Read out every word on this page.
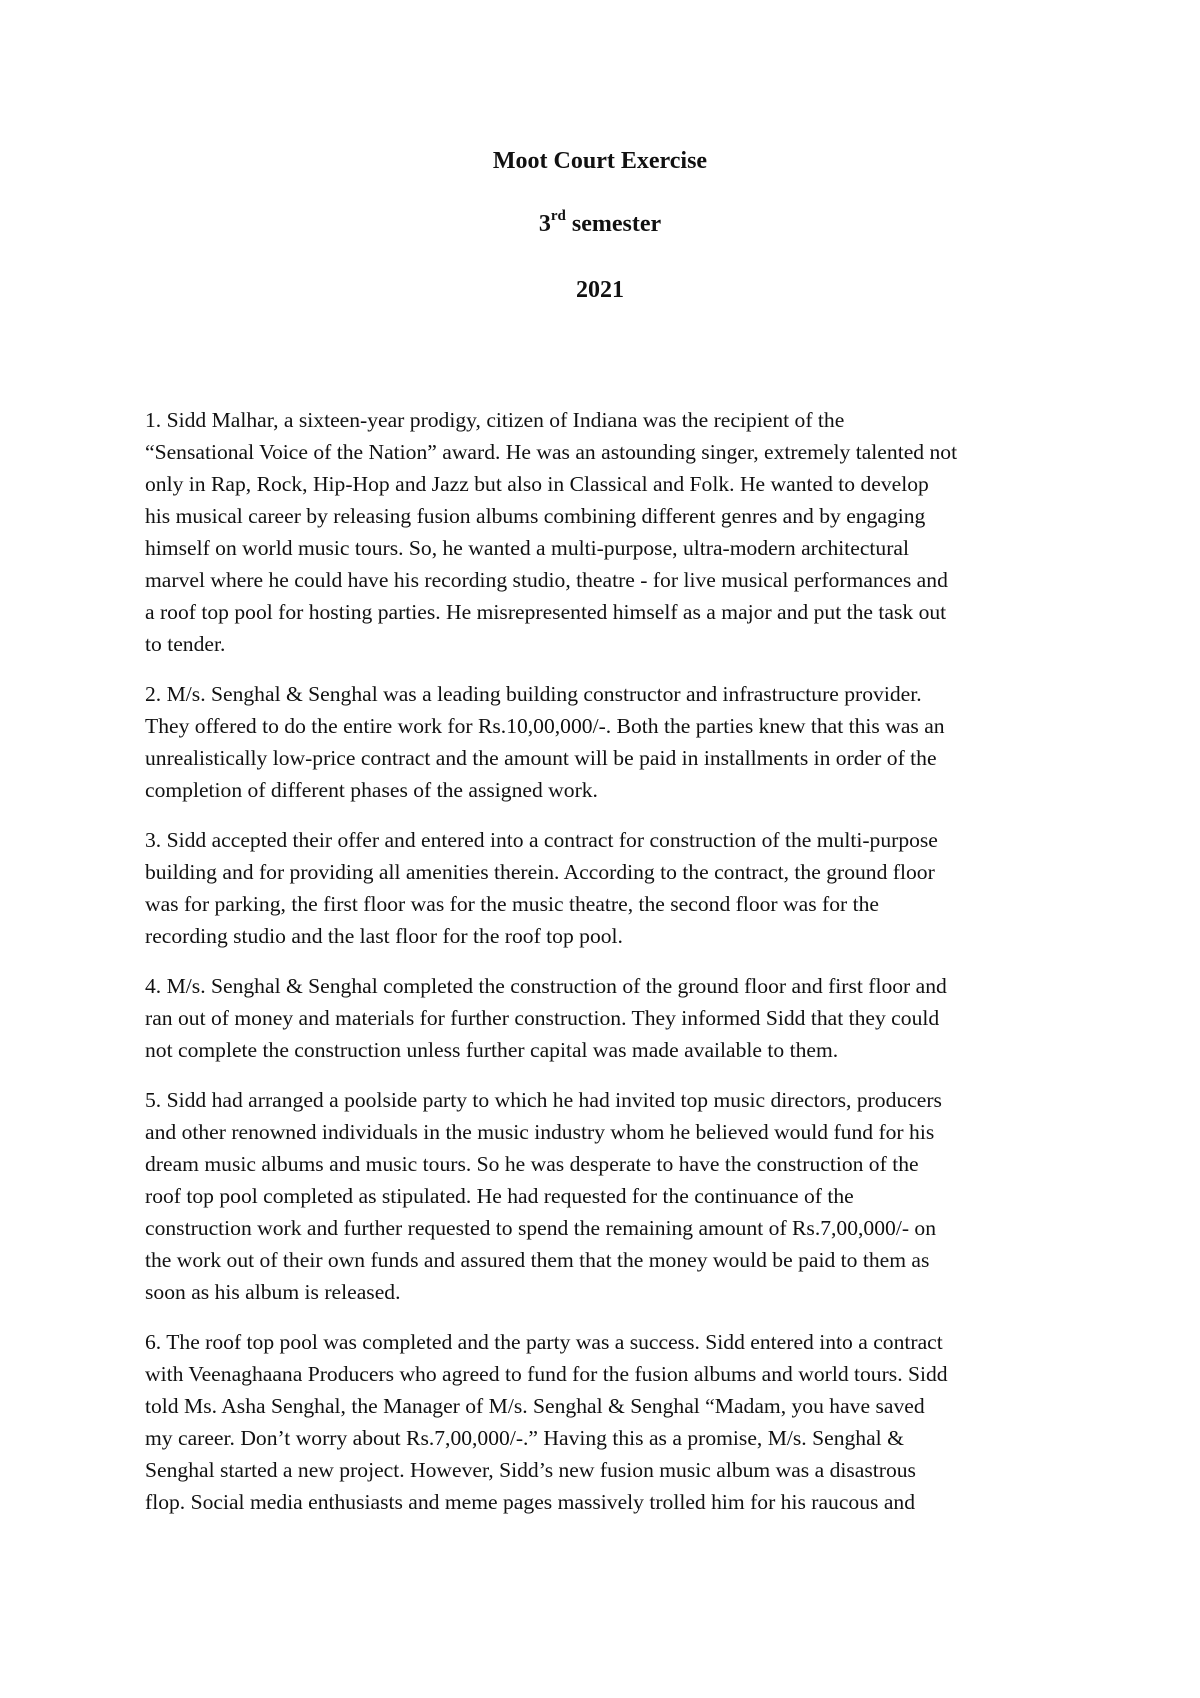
Moot Court Exercise
3rd semester
2021

1. Sidd Malhar, a sixteen-year prodigy, citizen of Indiana was the recipient of the
“Sensational Voice of the Nation” award. He was an astounding singer, extremely talented not
only in Rap, Rock, Hip-Hop and Jazz but also in Classical and Folk. He wanted to develop
his musical career by releasing fusion albums combining different genres and by engaging
himself on world music tours. So, he wanted a multi-purpose, ultra-modern architectural
marvel where he could have his recording studio, theatre - for live musical performances and
a roof top pool for hosting parties. He misrepresented himself as a major and put the task out
to tender.

2. M/s. Senghal & Senghal was a leading building constructor and infrastructure provider.
They offered to do the entire work for Rs.10,00,000/-. Both the parties knew that this was an
unrealistically low-price contract and the amount will be paid in installments in order of the
completion of different phases of the assigned work.

3. Sidd accepted their offer and entered into a contract for construction of the multi-purpose
building and for providing all amenities therein. According to the contract, the ground floor
was for parking, the first floor was for the music theatre, the second floor was for the
recording studio and the last floor for the roof top pool.

4. M/s. Senghal & Senghal completed the construction of the ground floor and first floor and
ran out of money and materials for further construction. They informed Sidd that they could
not complete the construction unless further capital was made available to them.

5. Sidd had arranged a poolside party to which he had invited top music directors, producers
and other renowned individuals in the music industry whom he believed would fund for his
dream music albums and music tours. So he was desperate to have the construction of the
roof top pool completed as stipulated. He had requested for the continuance of the
construction work and further requested to spend the remaining amount of Rs.7,00,000/- on
the work out of their own funds and assured them that the money would be paid to them as
soon as his album is released.

6. The roof top pool was completed and the party was a success. Sidd entered into a contract
with Veenaghaana Producers who agreed to fund for the fusion albums and world tours. Sidd
told Ms. Asha Senghal, the Manager of M/s. Senghal & Senghal “Madam, you have saved
my career. Don’t worry about Rs.7,00,000/-.” Having this as a promise, M/s. Senghal &
Senghal started a new project. However, Sidd’s new fusion music album was a disastrous
flop. Social media enthusiasts and meme pages massively trolled him for his raucous and
